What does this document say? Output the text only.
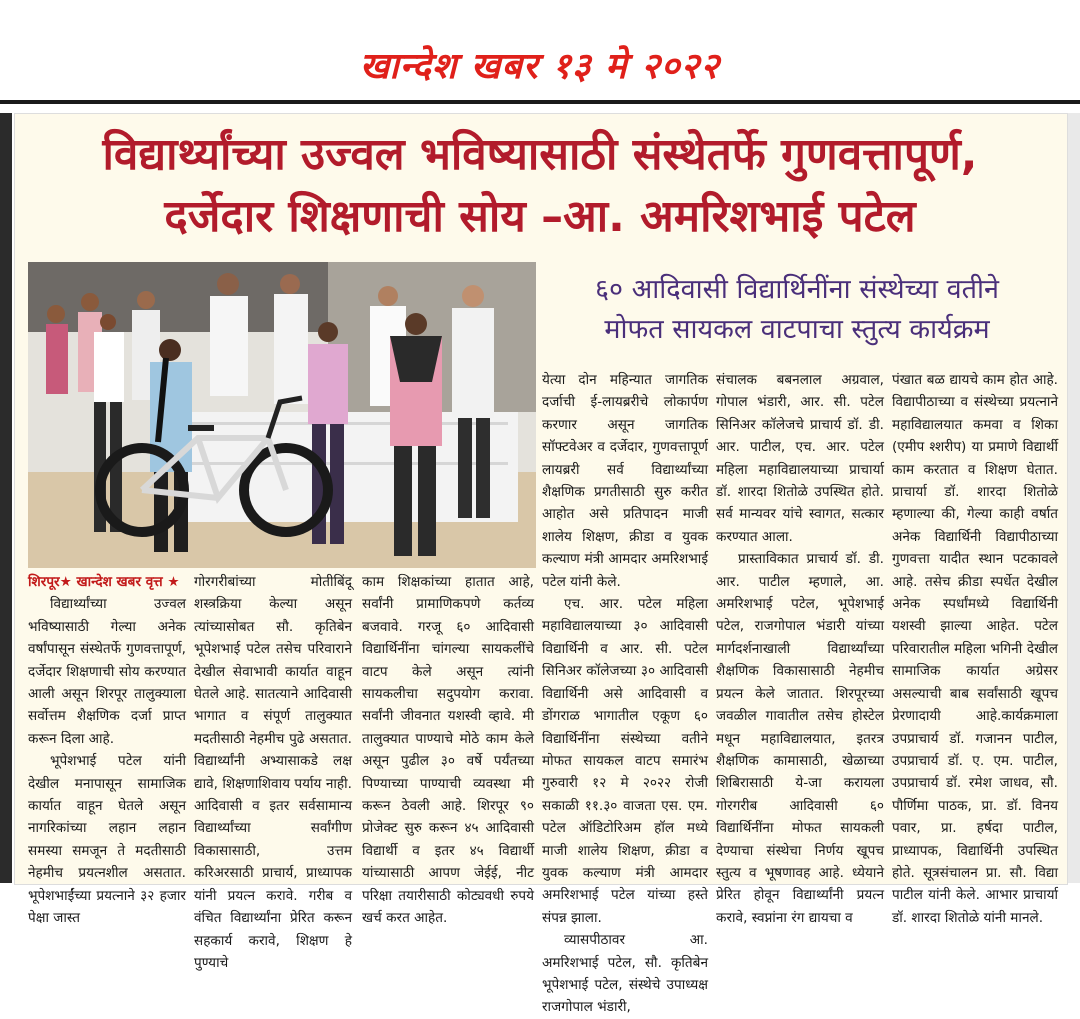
खान्देश खबर १३ मे २०२२
विद्यार्थ्यांच्या उज्वल भविष्यासाठी संस्थेतर्फे गुणवत्तापूर्ण,
दर्जेदार शिक्षणाची सोय –आ. अमरिशभाई पटेल
६० आदिवासी विद्यार्थिनींना संस्थेच्या वतीने
मोफत सायकल वाटपाचा स्तुत्य कार्यक्रम
शिरपूर★ खान्देश खबर वृत्त ★

विद्यार्थ्यांच्या उज्वल भविष्यासाठी गेल्या अनेक वर्षांपासून संस्थेतर्फे गुणवत्तापूर्ण, दर्जेदार शिक्षणाची सोय करण्यात आली असून शिरपूर तालुक्याला सर्वोत्तम शैक्षणिक दर्जा प्राप्त करून दिला आहे.

भूपेशभाई पटेल यांनी देखील मनापासून सामाजिक कार्यात वाहून घेतले असून नागरिकांच्या लहान लहान समस्या समजून ते मदतीसाठी नेहमीच प्रयत्नशील असतात. भूपेशभाईंच्या प्रयत्नाने ३२ हजार पेक्षा जास्त

गोरगरीबांच्या मोतीबिंदू शस्त्रक्रिया केल्या असून त्यांच्यासोबत सौ. कृतिबेन भूपेशभाई पटेल तसेच परिवाराने देखील सेवाभावी कार्यात वाहून घेतले आहे. सातत्याने आदिवासी भागात व संपूर्ण तालुक्यात मदतीसाठी नेहमीच पुढे असतात. विद्यार्थ्यांनी अभ्यासाकडे लक्ष द्यावे, शिक्षणाशिवाय पर्याय नाही. आदिवासी व इतर सर्वसामान्य विद्यार्थ्यांच्या सर्वांगीण विकासासाठी, उत्तम करिअरसाठी प्राचार्य, प्राध्यापक यांनी प्रयत्न करावे. गरीब व वंचित विद्यार्थ्यांना प्रेरित करून सहकार्य करावे, शिक्षण हे पुण्याचे

काम शिक्षकांच्या हातात आहे, सर्वांनी प्रामाणिकपणे कर्तव्य बजवावे. गरजू ६० आदिवासी विद्यार्थिनींना चांगल्या सायकलींचे वाटप केले असून त्यांनी सायकलीचा सदुपयोग करावा. सर्वांनी जीवनात यशस्वी व्हावे. मी तालुक्यात पाण्याचे मोठे काम केले असून पुढील ३० वर्षे पर्यंतच्या पिण्याच्या पाण्याची व्यवस्था मी करून ठेवली आहे. शिरपूर ९० प्रोजेक्ट सुरु करून ४५ आदिवासी विद्यार्थी व इतर ४५ विद्यार्थी यांच्यासाठी आपण जेईई, नीट परिक्षा तयारीसाठी कोट्यवधी रुपये खर्च करत आहेत.

येत्या दोन महिन्यात जागतिक दर्जाची ई-लायब्ररीचे लोकार्पण करणार असून जागतिक सॉफ्टवेअर व दर्जेदार, गुणवत्तापूर्ण लायब्ररी सर्व विद्यार्थ्यांच्या शैक्षणिक प्रगतीसाठी सुरु करीत आहोत असे प्रतिपादन माजी शालेय शिक्षण, क्रीडा व युवक कल्याण मंत्री आमदार अमरिशभाई पटेल यांनी केले.

एच. आर. पटेल महिला महाविद्यालयाच्या ३० आदिवासी विद्यार्थिनी व आर. सी. पटेल सिनिअर कॉलेजच्या ३० आदिवासी विद्यार्थिनी असे आदिवासी व डोंगराळ भागातील एकूण ६० विद्यार्थिनींना संस्थेच्या वतीने मोफत सायकल वाटप समारंभ गुरुवारी १२ मे २०२२ रोजी सकाळी ११.३० वाजता एस. एम. पटेल ऑडिटोरिअम हॉल मध्ये माजी शालेय शिक्षण, क्रीडा व युवक कल्याण मंत्री आमदार अमरिशभाई पटेल यांच्या हस्ते संपन्न झाला.

व्यासपीठावर आ. अमरिशभाई पटेल, सौ. कृतिबेन भूपेशभाई पटेल, संस्थेचे उपाध्यक्ष राजगोपाल भंडारी,

संचालक बबनलाल अग्रवाल, गोपाल भंडारी, आर. सी. पटेल सिनिअर कॉलेजचे प्राचार्य डॉ. डी. आर. पाटील, एच. आर. पटेल महिला महाविद्यालयाच्या प्राचार्या डॉ. शारदा शितोळे उपस्थित होते. सर्व मान्यवर यांचे स्वागत, सत्कार करण्यात आला.

प्रास्ताविकात प्राचार्य डॉ. डी. आर. पाटील म्हणाले, आ. अमरिशभाई पटेल, भूपेशभाई पटेल, राजगोपाल भंडारी यांच्या मार्गदर्शनाखाली विद्यार्थ्यांच्या शैक्षणिक विकासासाठी नेहमीच प्रयत्न केले जातात. शिरपूरच्या जवळील गावातील तसेच होस्टेल मधून महाविद्यालयात, इतरत्र शैक्षणिक कामासाठी, खेळाच्या शिबिरासाठी ये-जा करायला गोरगरीब आदिवासी ६० विद्यार्थिनींना मोफत सायकली देण्याचा संस्थेचा निर्णय खूपच स्तुत्य व भूषणावह आहे. ध्येयाने प्रेरित होवून विद्यार्थ्यांनी प्रयत्न करावे, स्वप्नांना रंग द्यायचा व

पंखात बळ द्यायचे काम होत आहे. विद्यापीठाच्या व संस्थेच्या प्रयत्नाने महाविद्यालयात कमवा व शिका (एमीप श्शरीप) या प्रमाणे विद्यार्थी काम करतात व शिक्षण घेतात. प्राचार्या डॉ. शारदा शितोळे म्हणाल्या की, गेल्या काही वर्षात अनेक विद्यार्थिनी विद्यापीठाच्या गुणवत्ता यादीत स्थान पटकावले आहे. तसेच क्रीडा स्पर्धेत देखील अनेक स्पर्धांमध्ये विद्यार्थिनी यशस्वी झाल्या आहेत. पटेल परिवारातील महिला भगिनी देखील सामाजिक कार्यात अग्रेसर असल्याची बाब सर्वांसाठी खूपच प्रेरणादायी आहे.कार्यक्रमाला उपप्राचार्य डॉ. गजानन पाटील, उपप्राचार्य डॉ. ए. एम. पाटील, उपप्राचार्य डॉ. रमेश जाधव, सौ. पौर्णिमा पाठक, प्रा. डॉ. विनय पवार, प्रा. हर्षदा पाटील, प्राध्यापक, विद्यार्थिनी उपस्थित होते. सूत्रसंचालन प्रा. सौ. विद्या पाटील यांनी केले. आभार प्राचार्या डॉ. शारदा शितोळे यांनी मानले.
